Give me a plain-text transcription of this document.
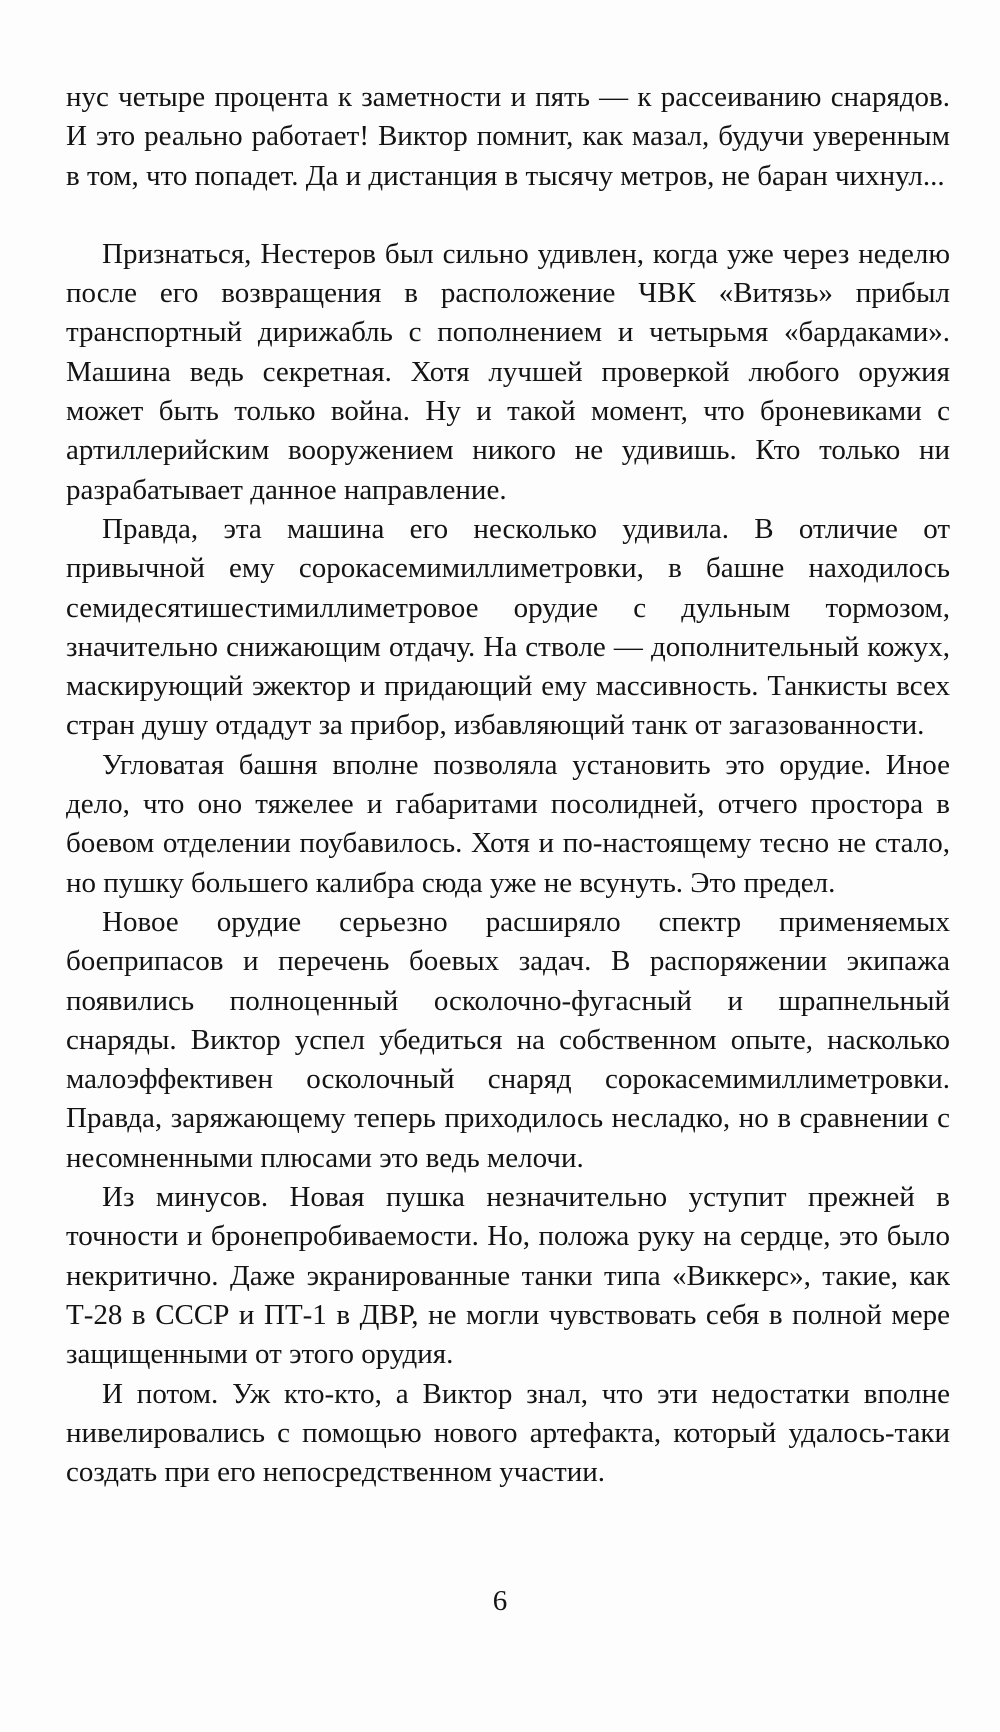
нус четыре процента к заметности и пять — к рассеиванию снарядов. И это реально работает! Виктор помнит, как мазал, будучи уверенным в том, что попадет. Да и дистанция в тысячу метров, не баран чихнул...

Признаться, Нестеров был сильно удивлен, когда уже через неделю после его возвращения в расположение ЧВК «Витязь» прибыл транспортный дирижабль с пополнением и четырьмя «бардаками». Машина ведь секретная. Хотя лучшей проверкой любого оружия может быть только война. Ну и такой момент, что броневиками с артиллерийским вооружением никого не удивишь. Кто только ни разрабатывает данное направление.

Правда, эта машина его несколько удивила. В отличие от привычной ему сорокасемимиллиметровки, в башне находилось семидесятишестимиллиметровое орудие с дульным тормозом, значительно снижающим отдачу. На стволе — дополнительный кожух, маскирующий эжектор и придающий ему массивность. Танкисты всех стран душу отдадут за прибор, избавляющий танк от загазованности.

Угловатая башня вполне позволяла установить это орудие. Иное дело, что оно тяжелее и габаритами посолидней, отчего простора в боевом отделении поубавилось. Хотя и по-настоящему тесно не стало, но пушку большего калибра сюда уже не всунуть. Это предел.

Новое орудие серьезно расширяло спектр применяемых боеприпасов и перечень боевых задач. В распоряжении экипажа появились полноценный осколочно-фугасный и шрапнельный снаряды. Виктор успел убедиться на собственном опыте, насколько малоэффективен осколочный снаряд сорокасемимиллиметровки. Правда, заряжающему теперь приходилось несладко, но в сравнении с несомненными плюсами это ведь мелочи.

Из минусов. Новая пушка незначительно уступит прежней в точности и бронепробиваемости. Но, положа руку на сердце, это было некритично. Даже экранированные танки типа «Виккерс», такие, как Т-28 в СССР и ПТ-1 в ДВР, не могли чувствовать себя в полной мере защищенными от этого орудия.

И потом. Уж кто-кто, а Виктор знал, что эти недостатки вполне нивелировались с помощью нового артефакта, который удалось-таки создать при его непосредственном участии.

6
